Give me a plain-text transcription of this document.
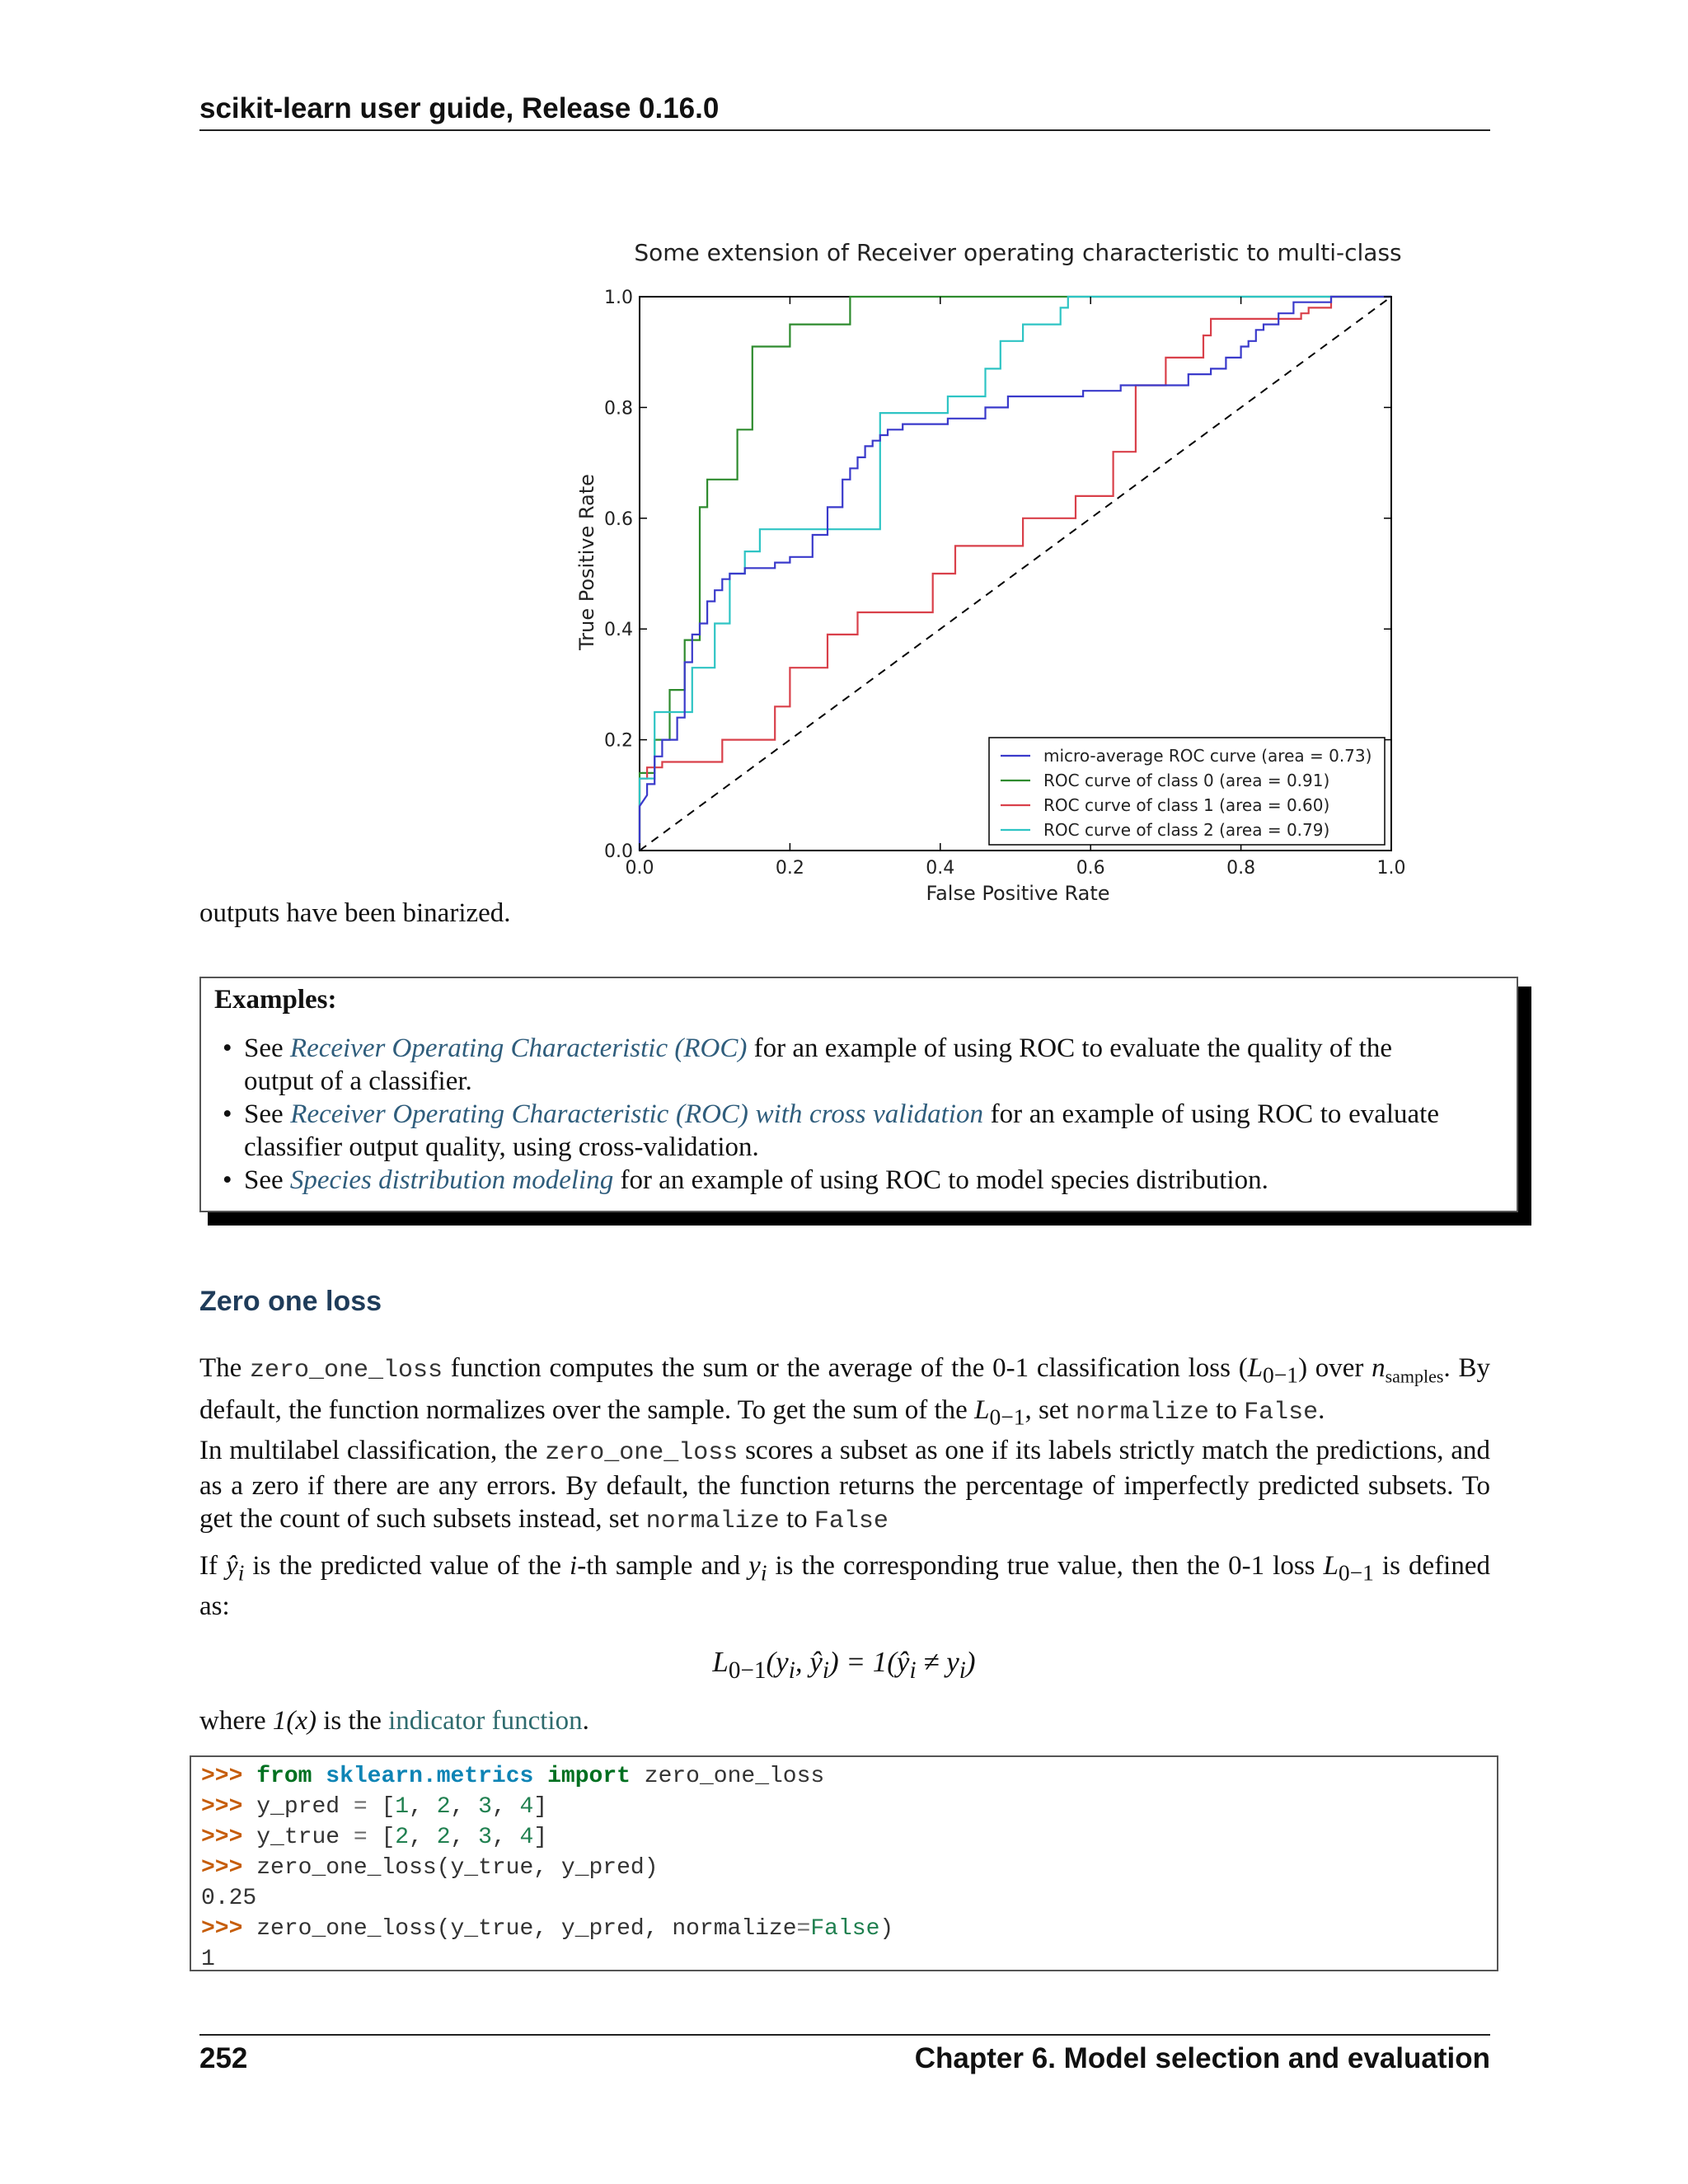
scikit-learn user guide, Release 0.16.0
Some extension of Receiver operating characteristic to multi-class
0.0	0.2	0.4	0.6	0.8	1.0
0.0
0.2
0.4
0.6
0.8
1.0
False Positive Rate
True Positive Rate
micro-average ROC curve (area = 0.73)
ROC curve of class 0 (area = 0.91)
ROC curve of class 1 (area = 0.60)
ROC curve of class 2 (area = 0.79)
outputs have been binarized.
Examples:
• See Receiver Operating Characteristic (ROC) for an example of using ROC to evaluate the quality of the output of a classifier.
• See Receiver Operating Characteristic (ROC) with cross validation for an example of using ROC to evaluate classifier output quality, using cross-validation.
• See Species distribution modeling for an example of using ROC to model species distribution.
Zero one loss
The zero_one_loss function computes the sum or the average of the 0-1 classification loss $(L_{0-1})$ over $n_{samples}$. By default, the function normalizes over the sample. To get the sum of the $L_{0-1}$, set normalize to False.
In multilabel classification, the zero_one_loss scores a subset as one if its labels strictly match the predictions, and as a zero if there are any errors. By default, the function returns the percentage of imperfectly predicted subsets. To get the count of such subsets instead, set normalize to False
If $ŷ_i$ is the predicted value of the i-th sample and $y_i$ is the corresponding true value, then the 0-1 loss $L_{0-1}$ is defined as:
$L_{0-1}(y_i$, $ŷ_i$) = $1(ŷ_i \ne y_i)$
where 1(x) is the indicator function.
>>> from sklearn.metrics import zero_one_loss
>>> y_pred = [1, 2, 3, 4]
>>> y_true = [2, 2, 3, 4]
>>> zero_one_loss(y_true, y_pred)
0.25
>>> zero_one_loss(y_true, y_pred, normalize=False)
1
252	Chapter 6. Model selection and evaluation
